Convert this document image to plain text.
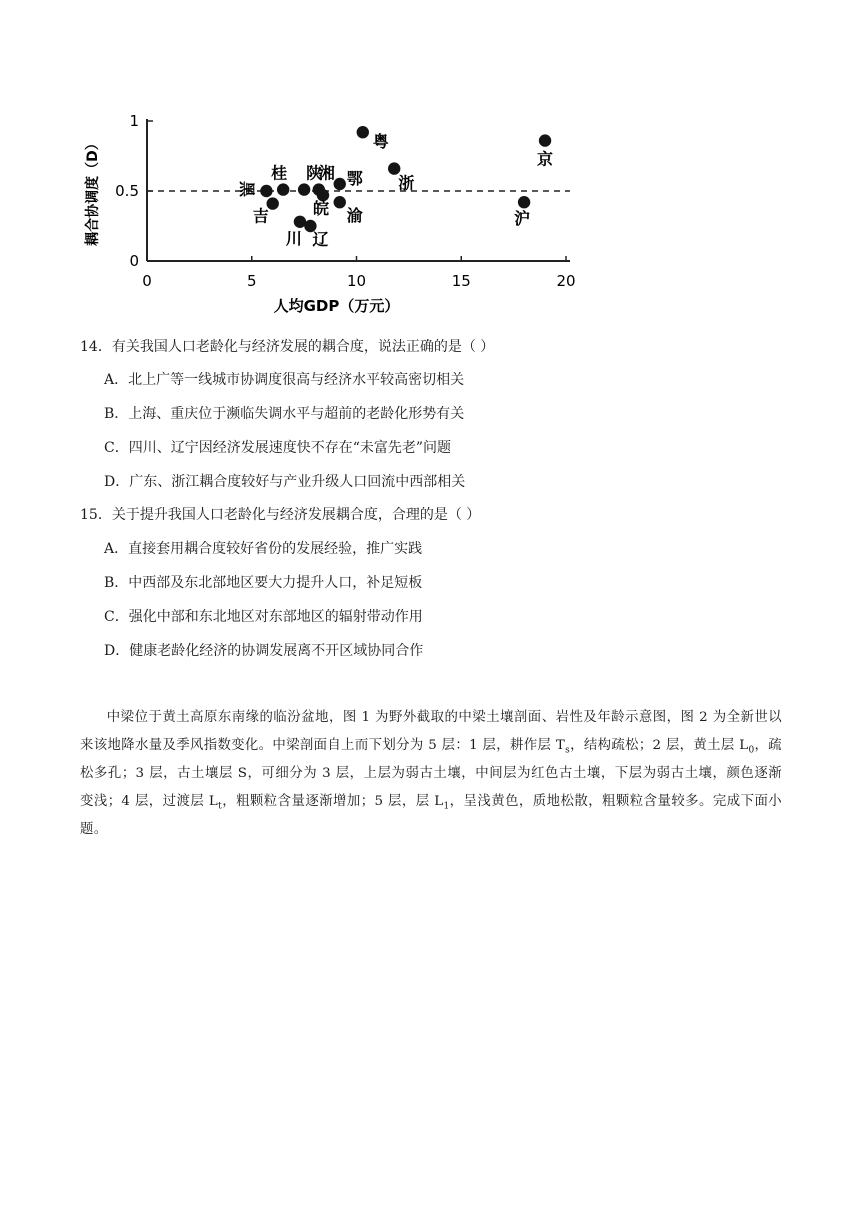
0	5	10	15	20
0
0.5
1
人均GDP（万元）
耦合协调度（D）	黑
吉
桂
川
陕
辽
湘
皖
鄂
渝
粤
浙
沪
京
14．有关我国人口老龄化与经济发展的耦合度，说法正确的是（ ）
A．北上广等一线城市协调度很高与经济水平较高密切相关
B．上海、重庆位于濒临失调水平与超前的老龄化形势有关
C．四川、辽宁因经济发展速度快不存在“未富先老”问题
D．广东、浙江耦合度较好与产业升级人口回流中西部相关
15．关于提升我国人口老龄化与经济发展耦合度，合理的是（ ）
A．直接套用耦合度较好省份的发展经验，推广实践
B．中西部及东北部地区要大力提升人口，补足短板
C．强化中部和东北地区对东部地区的辐射带动作用
D．健康老龄化经济的协调发展离不开区域协同合作
中梁位于黄土高原东南缘的临汾盆地，图 1 为野外截取的中梁土壤剖面、岩性及年龄示意图，图 2 为全新世以来该地降水量及季风指数变化。中梁剖面自上而下划分为 5 层：1 层，耕作层 $T_s$，结构疏松；2 层，黄土层 $L_0$，疏松多孔；3 层，古土壤层 S，可细分为 3 层，上层为弱古土壤，中间层为红色古土壤，下层为弱古土壤，颜色逐渐变浅；4 层，过渡层 $L_t$，粗颗粒含量逐渐增加；5 层，层 $L_1$，呈浅黄色，质地松散，粗颗粒含量较多。完成下面小题。
